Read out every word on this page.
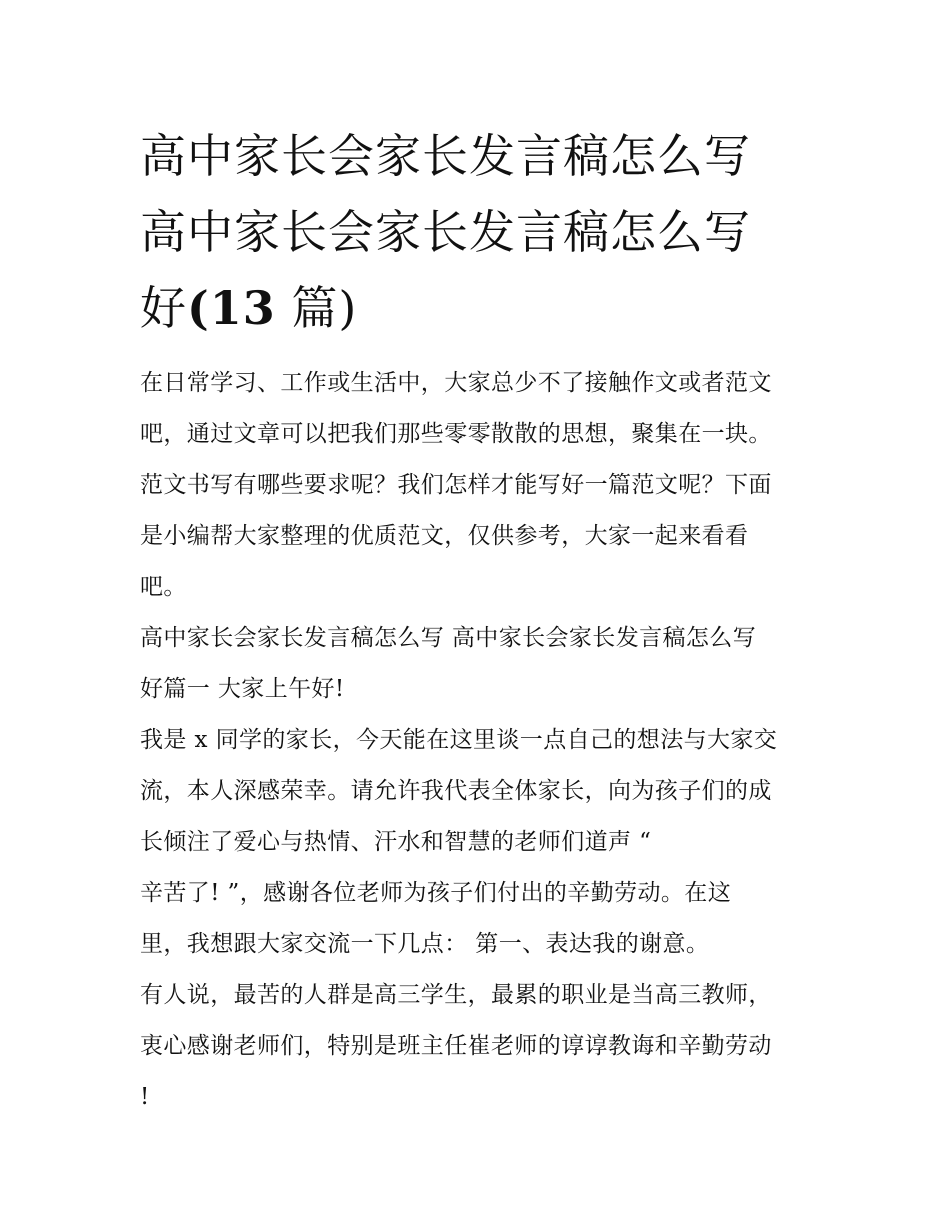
高中家长会家长发言稿怎么写
高中家长会家长发言稿怎么写
好(13 篇)

在日常学习、工作或生活中，大家总少不了接触作文或者范文
吧，通过文章可以把我们那些零零散散的思想，聚集在一块。
范文书写有哪些要求呢？我们怎样才能写好一篇范文呢？下面
是小编帮大家整理的优质范文，仅供参考，大家一起来看看
吧。

高中家长会家长发言稿怎么写 高中家长会家长发言稿怎么写
好篇一 大家上午好!

我是 x 同学的家长，今天能在这里谈一点自己的想法与大家交
流，本人深感荣幸。请允许我代表全体家长，向为孩子们的成
长倾注了爱心与热情、汗水和智慧的老师们道声 “
辛苦了! ”，感谢各位老师为孩子们付出的辛勤劳动。在这
里，我想跟大家交流一下几点： 第一、表达我的谢意。

有人说，最苦的人群是高三学生，最累的职业是当高三教师，
衷心感谢老师们，特别是班主任崔老师的谆谆教诲和辛勤劳动
!
